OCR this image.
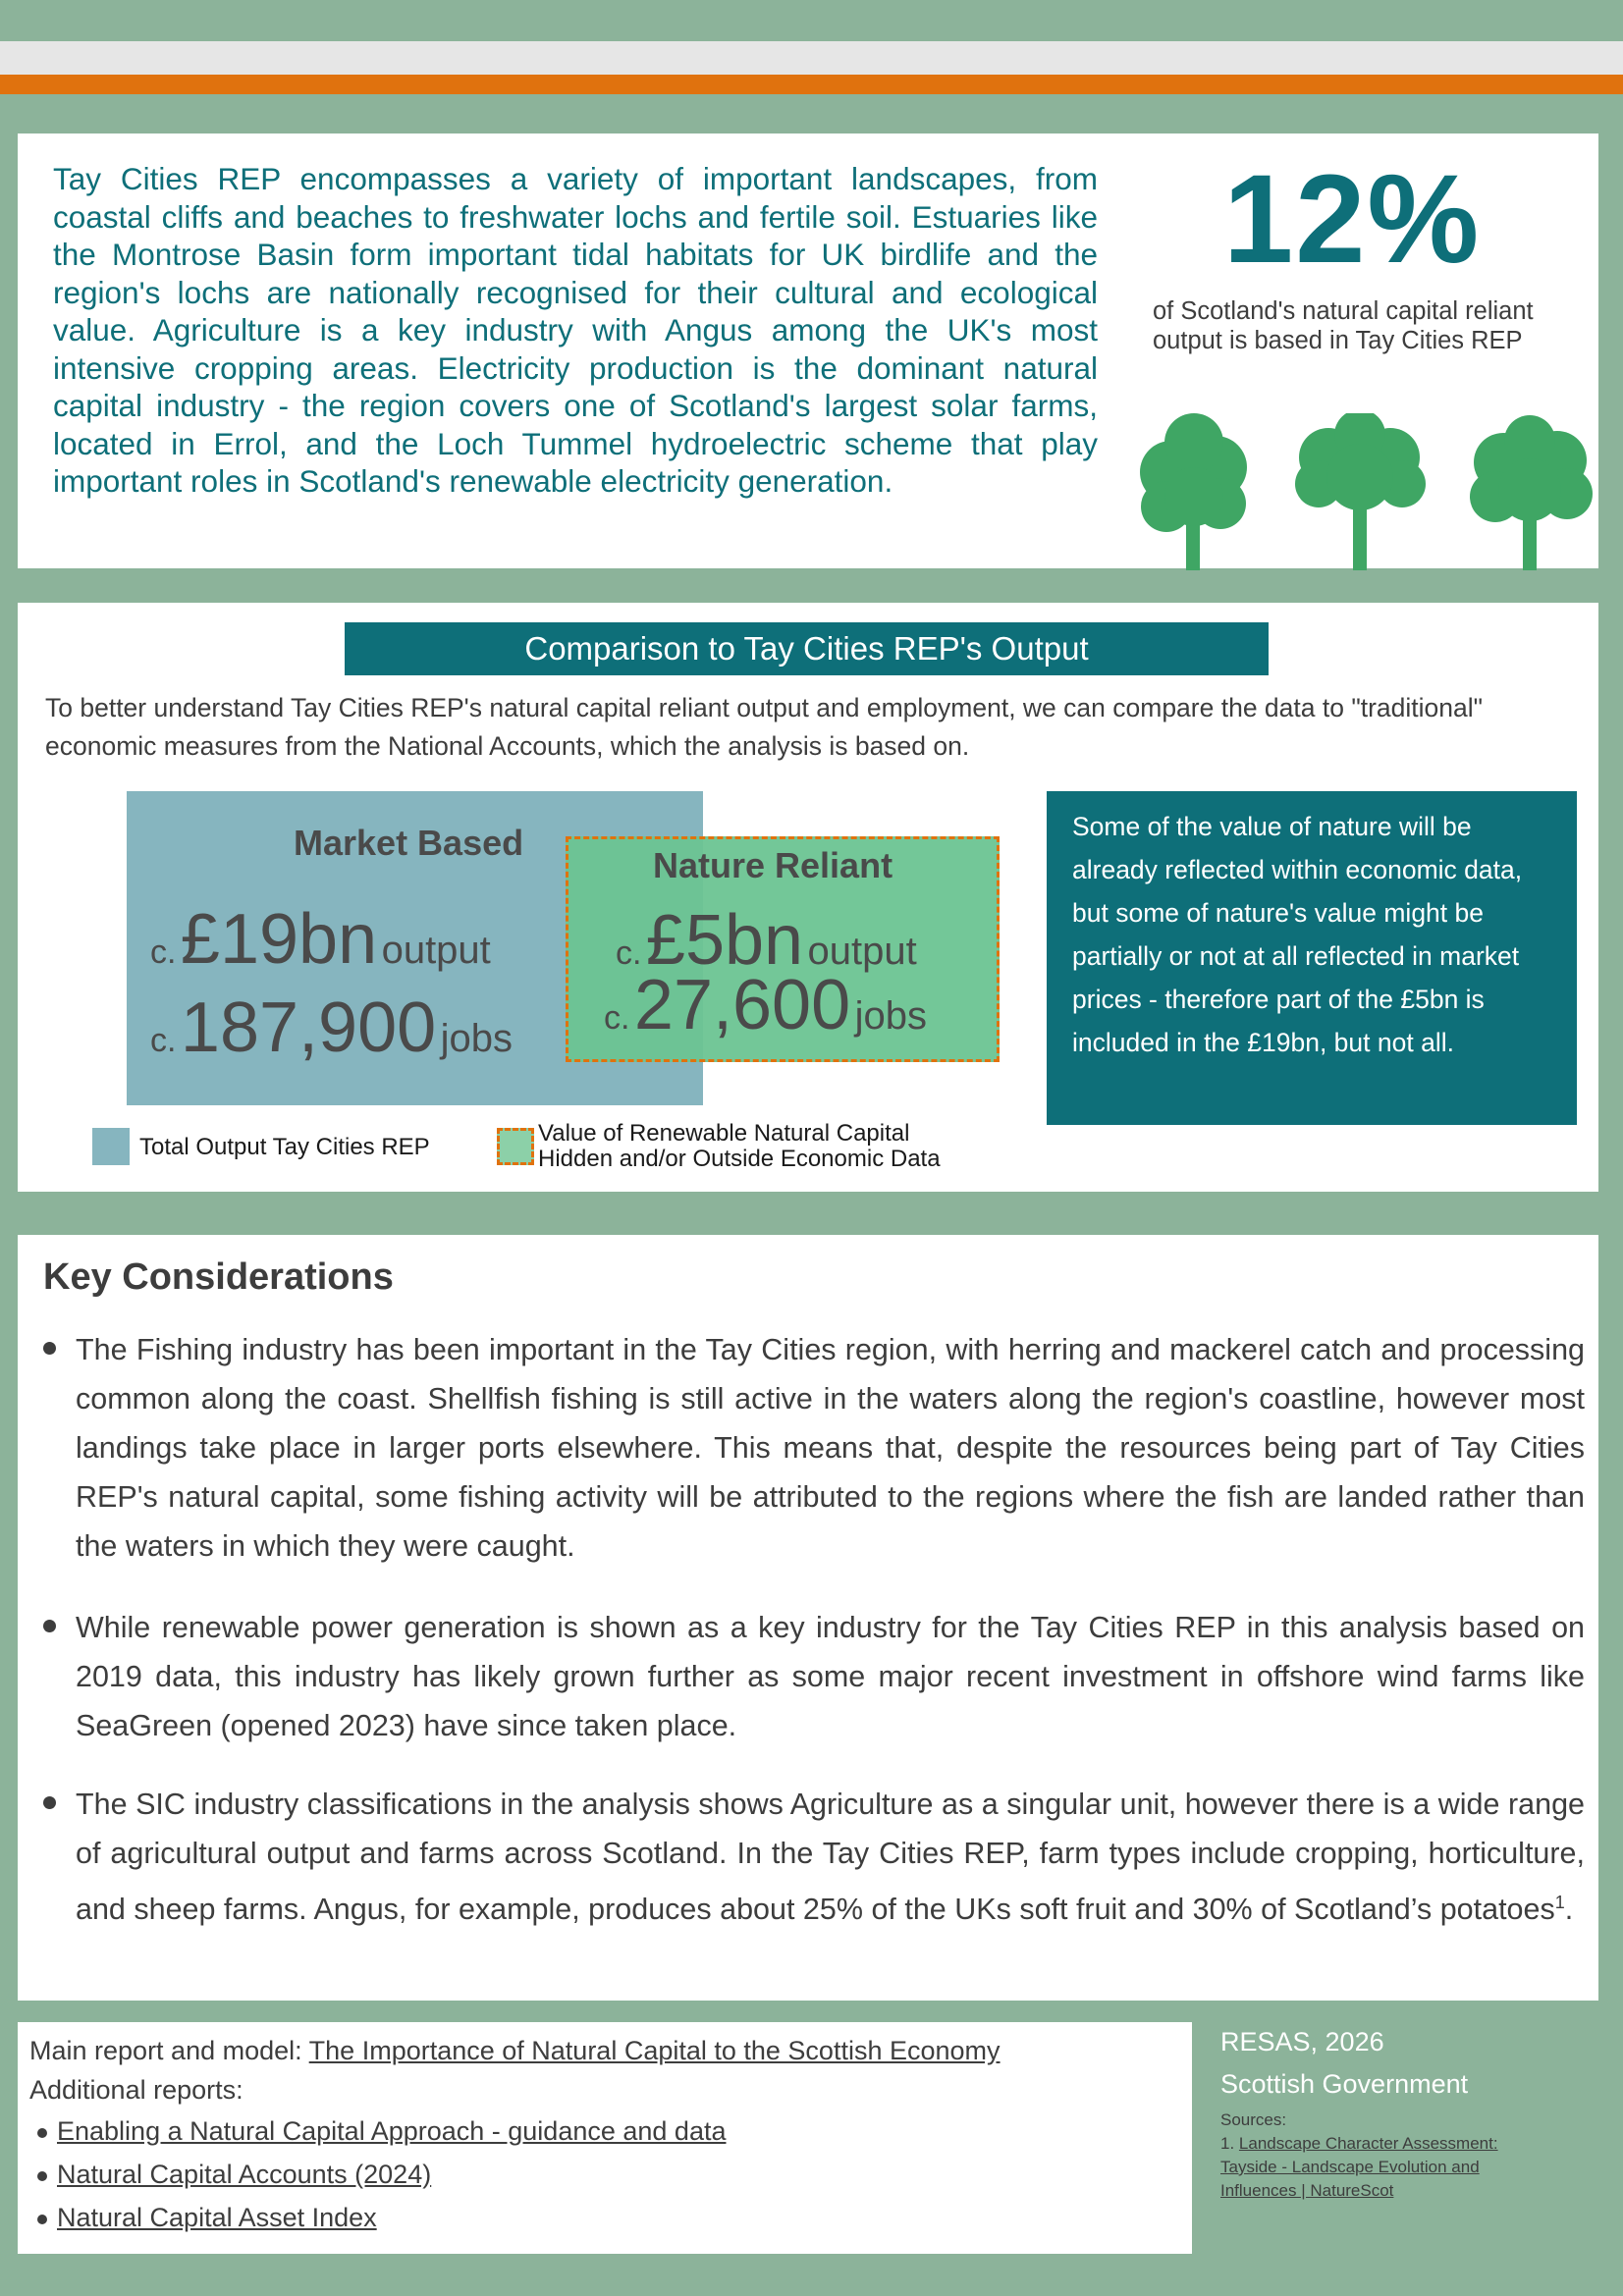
Tay Cities REP encompasses a variety of important landscapes, from coastal cliffs and beaches to freshwater lochs and fertile soil. Estuaries like the Montrose Basin form important tidal habitats for UK birdlife and the region's lochs are nationally recognised for their cultural and ecological value. Agriculture is a key industry with Angus among the UK's most intensive cropping areas. Electricity production is the dominant natural capital industry - the region covers one of Scotland's largest solar farms, located in Errol, and the Loch Tummel hydroelectric scheme that play important roles in Scotland's renewable electricity generation.

12%
of Scotland's natural capital reliant output is based in Tay Cities REP
Comparison to Tay Cities REP's Output

To better understand Tay Cities REP's natural capital reliant output and employment, we can compare the data to "traditional" economic measures from the National Accounts, which the analysis is based on.

Market Based
c. £19bn output
c. 187,900 jobs
Nature Reliant
c. £5bn output
c. 27,600 jobs
Some of the value of nature will be already reflected within economic data, but some of nature's value might be partially or not at all reflected in market prices - therefore part of the £5bn is included in the £19bn, but not all.
Total Output Tay Cities REP
Value of Renewable Natural Capital
Hidden and/or Outside Economic Data
Key Considerations

The Fishing industry has been important in the Tay Cities region, with herring and mackerel catch and processing common along the coast. Shellfish fishing is still active in the waters along the region's coastline, however most landings take place in larger ports elsewhere. This means that, despite the resources being part of Tay Cities REP's natural capital, some fishing activity will be attributed to the regions where the fish are landed rather than the waters in which they were caught.

While renewable power generation is shown as a key industry for the Tay Cities REP in this analysis based on 2019 data, this industry has likely grown further as some major recent investment in offshore wind farms like SeaGreen (opened 2023) have since taken place.

The SIC industry classifications in the analysis shows Agriculture as a singular unit, however there is a wide range of agricultural output and farms across Scotland. In the Tay Cities REP, farm types include cropping, horticulture, and sheep farms. Angus, for example, produces about 25% of the UKs soft fruit and 30% of Scotland’s potatoes$^1$.

Main report and model: The Importance of Natural Capital to the Scottish Economy
Additional reports:
Enabling a Natural Capital Approach - guidance and data
Natural Capital Accounts (2024)
Natural Capital Asset Index
RESAS, 2026
Scottish Government
Sources:
1. Landscape Character Assessment: Tayside - Landscape Evolution and Influences | NatureScot
